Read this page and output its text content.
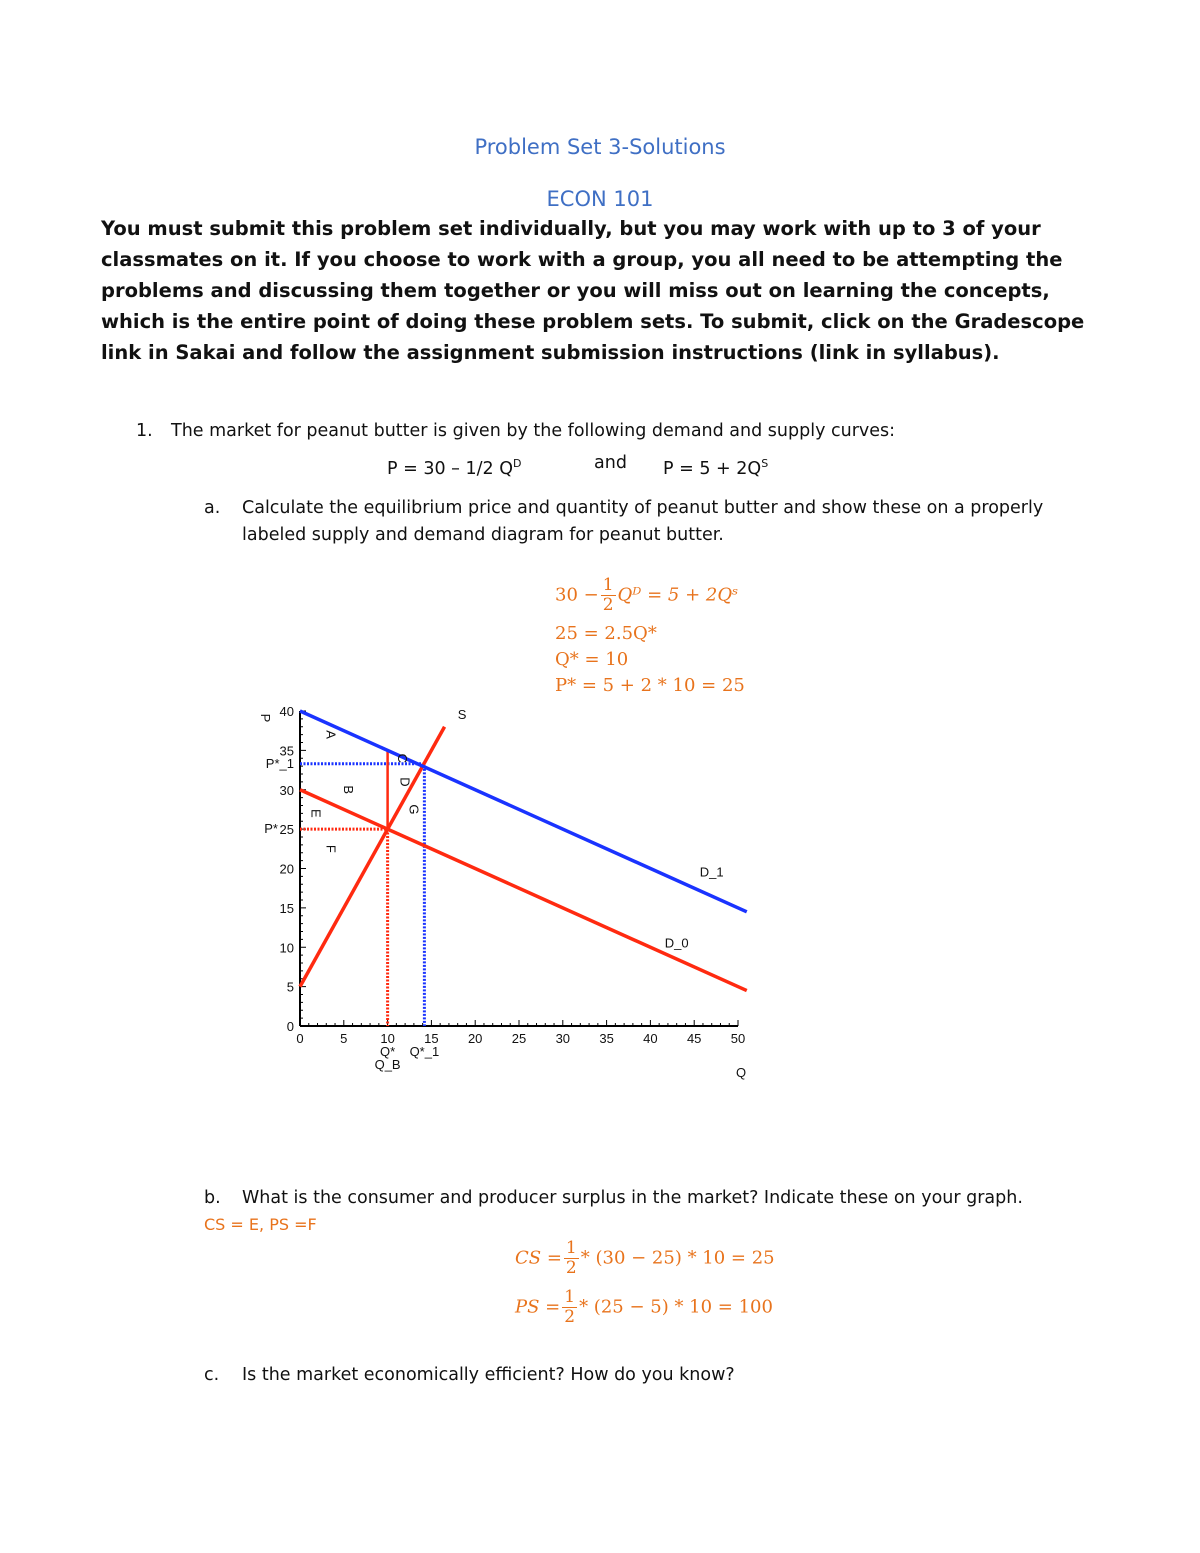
Problem Set 3-Solutions
ECON 101

You must submit this problem set individually, but you may work with up to 3 of your classmates on it. If you choose to work with a group, you all need to be attempting the problems and discussing them together or you will miss out on learning the concepts, which is the entire point of doing these problem sets. To submit, click on the Gradescope link in Sakai and follow the assignment submission instructions (link in syllabus).

1. The market for peanut butter is given by the following demand and supply curves:
P = 30 – 1/2 $Q^D$	and $P = 5 + 2Q^S$
a. Calculate the equilibrium price and quantity of peanut butter and show these on a properly labeled supply and demand diagram for peanut butter.
$30 - \frac{1}{2}$ Qᴰ = 5 + 2Qˢ
25 = 2.5Q*
Q* = 10
P* = 5 + 2 * 10 = 25
0	5	10 15 20 25 30 35 40 45 50
0
5
10
15
20
25
30
35
40
P*_1
P*
Q* Q*_1
Q_B
Q
P
A
C
D
B
G
E
F
S
D_1
D_0
b. What is the consumer and producer surplus in the market? Indicate these on your graph.
CS = E, PS =F
CS = $\frac{1}{2} * (30 - 25) * 10 = 25$
PS = $\frac{1}{2} * (25 - 5) * 10 = 100$
c. Is the market economically efficient? How do you know?
